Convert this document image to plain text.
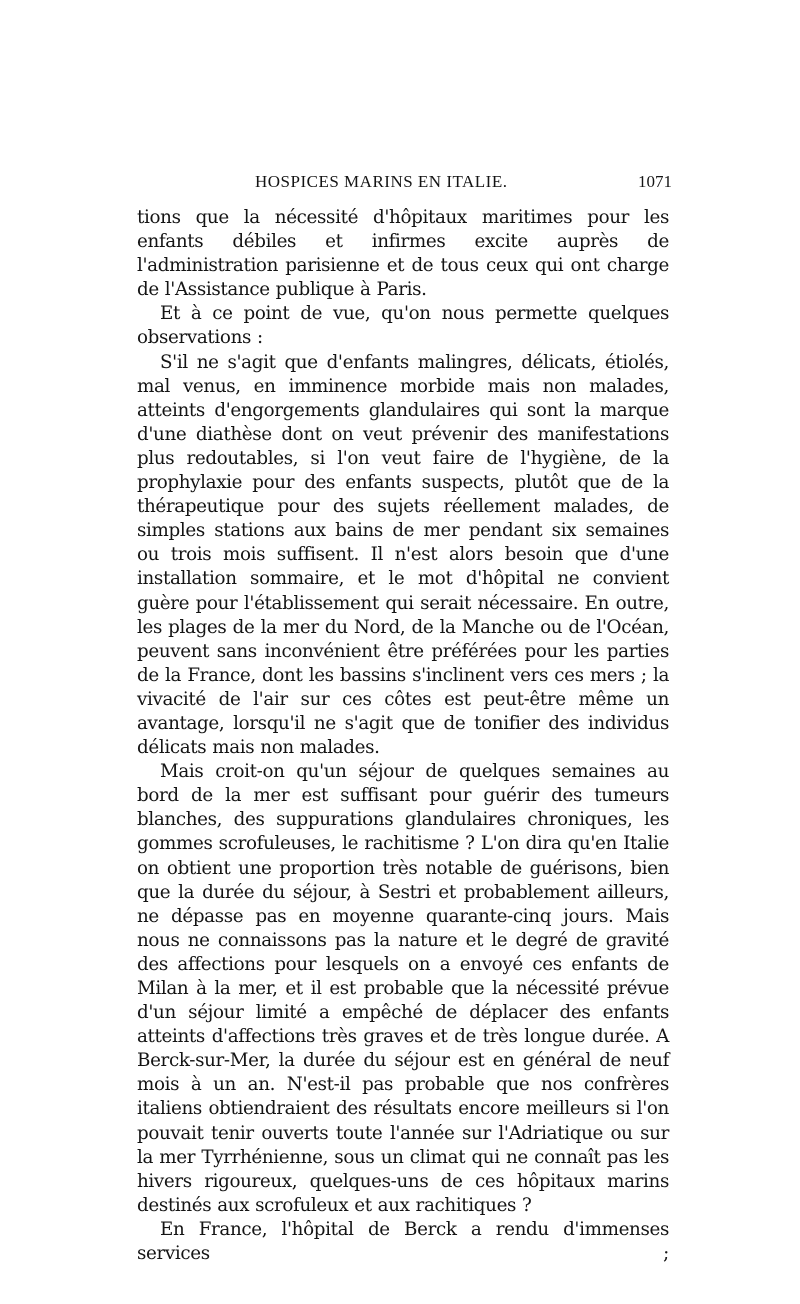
HOSPICES MARINS EN ITALIE.	1071

tions que la nécessité d'hôpitaux maritimes pour les enfants débiles et infirmes excite auprès de l'administration parisienne et de tous ceux qui ont charge de l'Assistance publique à Paris.

Et à ce point de vue, qu'on nous permette quelques observations :

S'il ne s'agit que d'enfants malingres, délicats, étiolés, mal venus, en imminence morbide mais non malades, atteints d'engorgements glandulaires qui sont la marque d'une diathèse dont on veut prévenir des manifestations plus redoutables, si l'on veut faire de l'hygiène, de la prophylaxie pour des enfants suspects, plutôt que de la thérapeutique pour des sujets réellement malades, de simples stations aux bains de mer pendant six semaines ou trois mois suffisent. Il n'est alors besoin que d'une installation sommaire, et le mot d'hôpital ne convient guère pour l'établissement qui serait nécessaire. En outre, les plages de la mer du Nord, de la Manche ou de l'Océan, peuvent sans inconvénient être préférées pour les parties de la France, dont les bassins s'inclinent vers ces mers ; la vivacité de l'air sur ces côtes est peut-être même un avantage, lorsqu'il ne s'agit que de tonifier des individus délicats mais non malades.

Mais croit-on qu'un séjour de quelques semaines au bord de la mer est suffisant pour guérir des tumeurs blanches, des suppurations glandulaires chroniques, les gommes scrofuleuses, le rachitisme ? L'on dira qu'en Italie on obtient une proportion très notable de guérisons, bien que la durée du séjour, à Sestri et probablement ailleurs, ne dépasse pas en moyenne quarante-cinq jours. Mais nous ne connaissons pas la nature et le degré de gravité des affections pour lesquels on a envoyé ces enfants de Milan à la mer, et il est probable que la nécessité prévue d'un séjour limité a empêché de déplacer des enfants atteints d'affections très graves et de très longue durée. A Berck-sur-Mer, la durée du séjour est en général de neuf mois à un an. N'est-il pas probable que nos confrères italiens obtiendraient des résultats encore meilleurs si l'on pouvait tenir ouverts toute l'année sur l'Adriatique ou sur la mer Tyrrhénienne, sous un climat qui ne connaît pas les hivers rigoureux, quelques-uns de ces hôpitaux marins destinés aux scrofuleux et aux rachitiques ?

En France, l'hôpital de Berck a rendu d'immenses services ;
